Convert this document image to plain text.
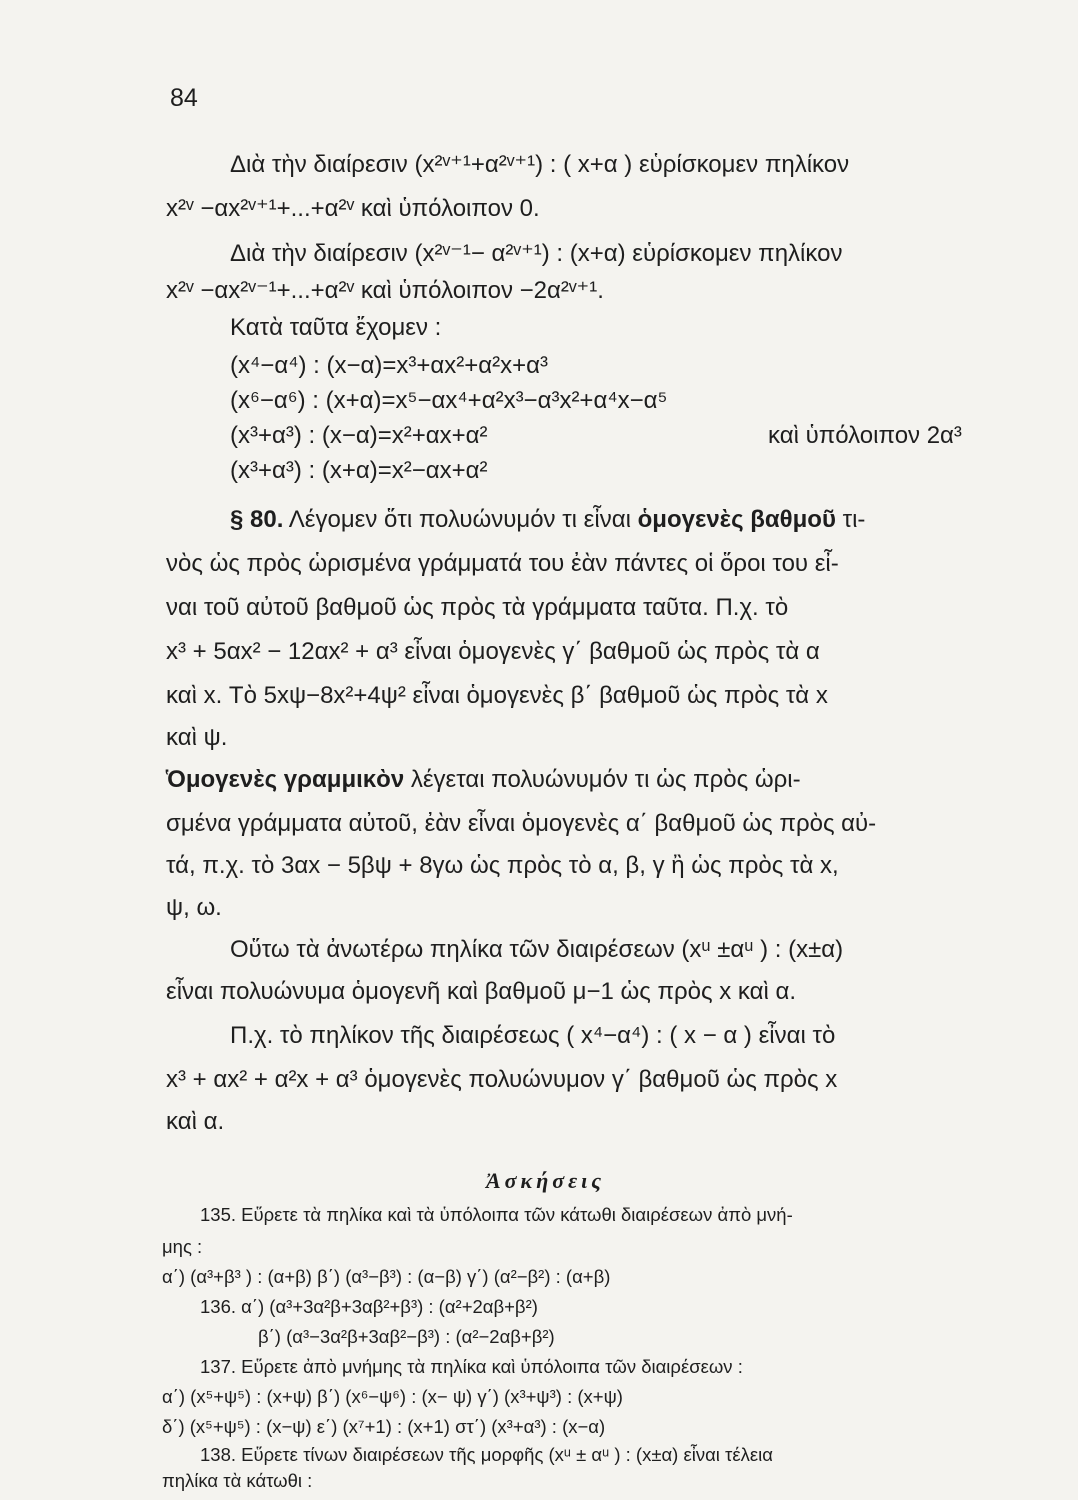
84
Διὰ τὴν διαίρεσιν (x²ᵛ⁺¹+α²ᵛ⁺¹) : ( x+α ) εὑρίσκομεν πηλίκον
x²ᵛ −αx²ᵛ⁺¹+...+α²ᵛ καὶ ὑπόλοιπον 0.
Διὰ τὴν διαίρεσιν (x²ᵛ⁻¹− α²ᵛ⁺¹) : (x+α) εὑρίσκομεν πηλίκον
x²ᵛ −αx²ᵛ⁻¹+...+α²ᵛ καὶ ὑπόλοιπον −2α²ᵛ⁺¹.
Κατὰ ταῦτα ἔχομεν :
(x⁴−α⁴) : (x−α)=x³+αx²+α²x+α³
(x⁶−α⁶) : (x+α)=x⁵−αx⁴+α²x³−α³x²+α⁴x−α⁵
(x³+α³) : (x−α)=x²+αx+α²	καὶ ὑπόλοιπον 2α³
(x³+α³) : (x+α)=x²−αx+α²
§ 80. Λέγομεν ὅτι πολυώνυμόν τι εἶναι ὁμογενὲς βαθμοῦ τι-
νὸς ὡς πρὸς ὡρισμένα γράμματά του ἐὰν πάντες οἱ ὅροι του εἶ-
ναι τοῦ αὐτοῦ βαθμοῦ ὡς πρὸς τὰ γράμματα ταῦτα. Π.χ. τὸ
x³ + 5αx² − 12αx² + α³ εἶναι ὁμογενὲς γ΄ βαθμοῦ ὡς πρὸς τὰ α
καὶ x. Τὸ 5xψ−8x²+4ψ² εἶναι ὁμογενὲς β΄ βαθμοῦ ὡς πρὸς τὰ x
καὶ ψ.
Ὁμογενὲς γραμμικὸν λέγεται πολυώνυμόν τι ὡς πρὸς ὡρι-
σμένα γράμματα αὐτοῦ, ἐὰν εἶναι ὁμογενὲς α΄ βαθμοῦ ὡς πρὸς αὐ-
τά, π.χ. τὸ 3αx − 5βψ + 8γω ὡς πρὸς τὸ α, β, γ ἢ ὡς πρὸς τὰ x,
ψ, ω.
Οὕτω τὰ ἀνωτέρω πηλίκα τῶν διαιρέσεων (xᵘ ±αᵘ ) : (x±α)
εἶναι πολυώνυμα ὁμογενῆ καὶ βαθμοῦ μ−1 ὡς πρὸς x καὶ α.
Π.χ. τὸ πηλίκον τῆς διαιρέσεως ( x⁴−α⁴) : ( x − α ) εἶναι τὸ
x³ + αx² + α²x + α³ ὁμογενὲς πολυώνυμον γ΄ βαθμοῦ ὡς πρὸς x
καὶ α.
Ἀσκήσεις
135. Εὕρετε τὰ πηλίκα καὶ τὰ ὑπόλοιπα τῶν κάτωθι διαιρέσεων ἀπὸ μνή-
μης :
α΄) (α³+β³ ) : (α+β) β΄) (α³−β³) : (α−β) γ΄) (α²−β²) : (α+β)
136. α΄) (α³+3α²β+3αβ²+β³) : (α²+2αβ+β²)
β΄) (α³−3α²β+3αβ²−β³) : (α²−2αβ+β²)
137. Εὕρετε ἀπὸ μνήμης τὰ πηλίκα καὶ ὑπόλοιπα τῶν διαιρέσεων :
α΄) (x⁵+ψ⁵) : (x+ψ) β΄) (x⁶−ψ⁶) : (x− ψ) γ΄) (x³+ψ³) : (x+ψ)
δ΄) (x⁵+ψ⁵) : (x−ψ) ε΄) (x⁷+1) : (x+1) στ΄) (x³+α³) : (x−α)
138. Εὕρετε τίνων διαιρέσεων τῆς μορφῆς (xᵘ ± αᵘ ) : (x±α) εἶναι τέλεια
πηλίκα τὰ κάτωθι :
